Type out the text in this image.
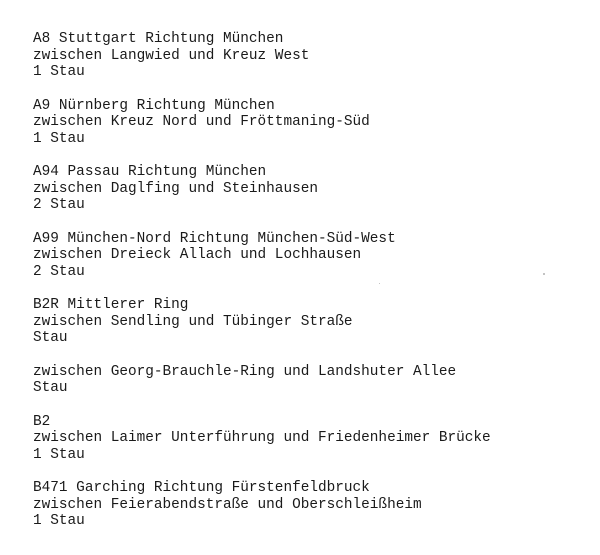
A8 Stuttgart Richtung München
zwischen Langwied und Kreuz West
1 Stau
A9 Nürnberg Richtung München
zwischen Kreuz Nord und Fröttmaning-Süd
1 Stau
A94 Passau Richtung München
zwischen Daglfing und Steinhausen
2 Stau
A99 München-Nord Richtung München-Süd-West
zwischen Dreieck Allach und Lochhausen
2 Stau
B2R Mittlerer Ring
zwischen Sendling und Tübinger Straße
Stau
zwischen Georg-Brauchle-Ring und Landshuter Allee
Stau
B2
zwischen Laimer Unterführung und Friedenheimer Brücke
1 Stau
B471 Garching Richtung Fürstenfeldbruck
zwischen Feierabendstraße und Oberschleißheim
1 Stau
